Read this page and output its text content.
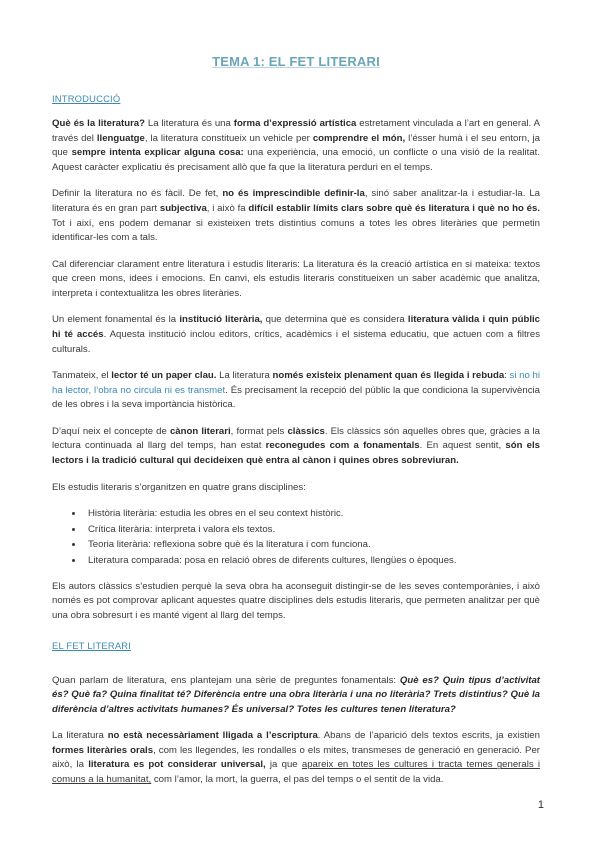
TEMA 1: EL FET LITERARI
INTRODUCCIÓ

Què és la literatura? La literatura és una forma d’expressió artística estretament vinculada a l’art en general. A través del llenguatge, la literatura constitueix un vehicle per comprendre el món, l’ésser humà i el seu entorn, ja que sempre intenta explicar alguna cosa: una experiència, una emoció, un conflicte o una visió de la realitat. Aquest caràcter explicatiu és precisament allò que fa que la literatura perduri en el temps.

Definir la literatura no és fàcil. De fet, no és imprescindible definir-la, sinó saber analitzar-la i estudiar-la. La literatura és en gran part subjectiva, i això fa difícil establir límits clars sobre què és literatura i què no ho és. Tot i així, ens podem demanar si existeixen trets distintius comuns a totes les obres literàries que permetin identificar-les com a tals.

Cal diferenciar clarament entre literatura i estudis literaris: La literatura és la creació artística en si mateixa: textos que creen mons, idees i emocions. En canvi, els estudis literaris constitueixen un saber acadèmic que analitza, interpreta i contextualitza les obres literàries.

Un element fonamental és la institució literària, que determina què es considera literatura vàlida i quin públic hi té accés. Aquesta institució inclou editors, crítics, acadèmics i el sistema educatiu, que actuen com a filtres culturals.

Tanmateix, el lector té un paper clau. La literatura només existeix plenament quan és llegida i rebuda: si no hi ha lector, l’obra no circula ni es transmet. És precisament la recepció del públic la que condiciona la supervivència de les obres i la seva importància històrica.

D’aquí neix el concepte de cànon literari, format pels clàssics. Els clàssics són aquelles obres que, gràcies a la lectura continuada al llarg del temps, han estat reconegudes com a fonamentals. En aquest sentit, són els lectors i la tradició cultural qui decideixen què entra al cànon i quines obres sobreviuran.

Els estudis literaris s’organitzen en quatre grans disciplines:

• Història literària: estudia les obres en el seu context històric.
• Crítica literària: interpreta i valora els textos.
• Teoria literària: reflexiona sobre què és la literatura i com funciona.
• Literatura comparada: posa en relació obres de diferents cultures, llengües o èpoques.

Els autors clàssics s’estudien perquè la seva obra ha aconseguit distingir-se de les seves contemporànies, i això només es pot comprovar aplicant aquestes quatre disciplines dels estudis literaris, que permeten analitzar per què una obra sobresurt i es manté vigent al llarg del temps.

EL FET LITERARI

Quan parlam de literatura, ens plantejam una sèrie de preguntes fonamentals: Què es? Quin tipus d’activitat és? Què fa? Quina finalitat té? Diferència entre una obra literària i una no literària? Trets distintius? Què la diferència d’altres activitats humanes? És universal? Totes les cultures tenen literatura?

La literatura no està necessàriament lligada a l’escriptura. Abans de l’aparició dels textos escrits, ja existien formes literàries orals, com les llegendes, les rondalles o els mites, transmeses de generació en generació. Per això, la literatura es pot considerar universal, ja que apareix en totes les cultures i tracta temes generals i comuns a la humanitat, com l’amor, la mort, la guerra, el pas del temps o el sentit de la vida.

1
